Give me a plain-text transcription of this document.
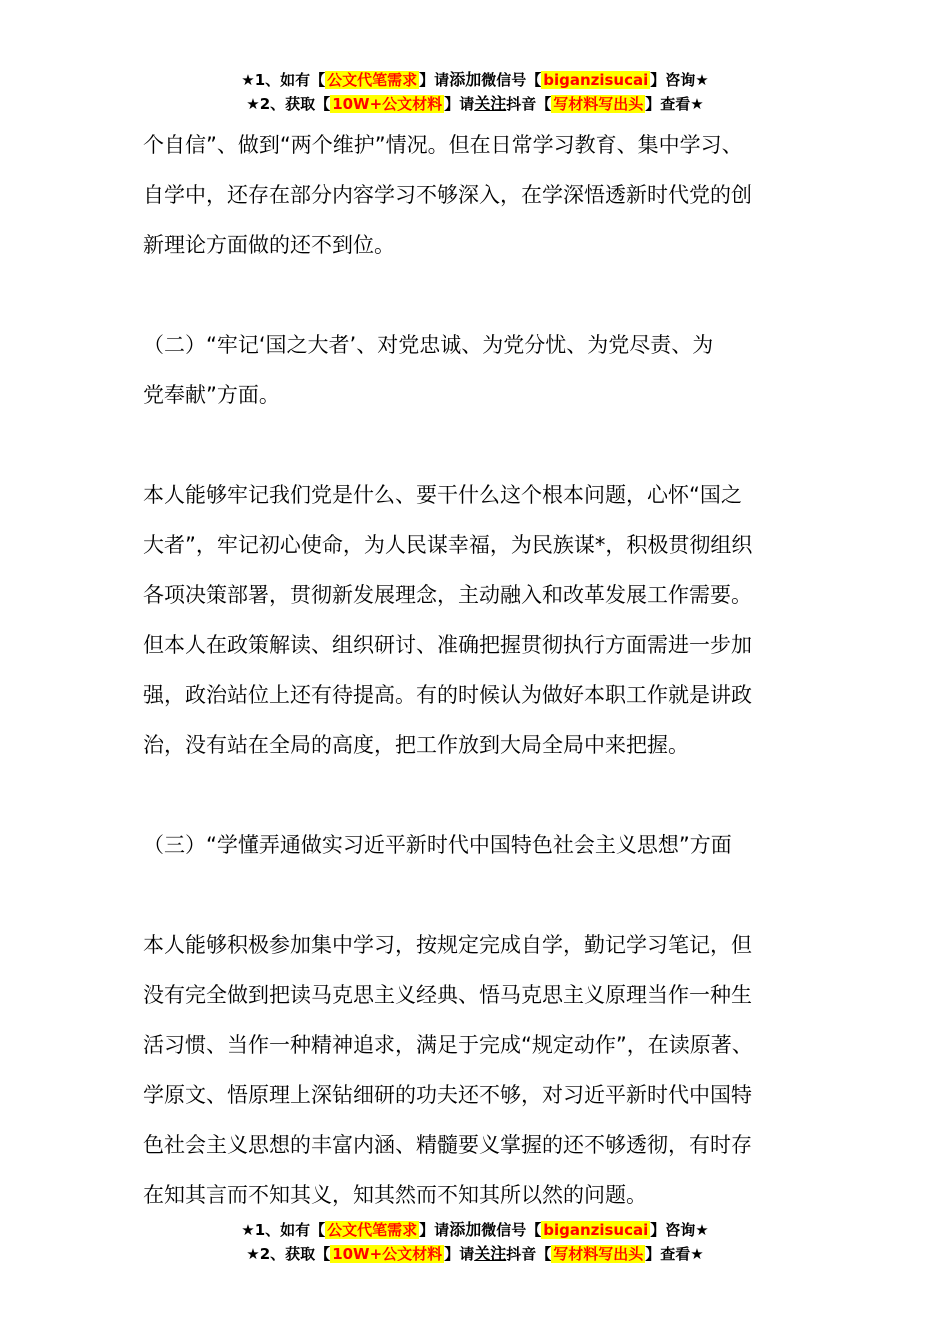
★1、如有【 公文代笔需求 】请添加微信号【 biganzisucai 】咨询★
★2、获取【 10W+公文材料 】请关注抖音【 写材料写出头 】查看★

个自信”、做到“两个维护”情况。但在日常学习教育、集中学习、
自学中，还存在部分内容学习不够深入，在学深悟透新时代党的创
新理论方面做的还不到位。

（二）“牢记‘国之大者’、对党忠诚、为党分忧、为党尽责、为
党奉献”方面。

本人能够牢记我们党是什么、要干什么这个根本问题，心怀“国之
大者”，牢记初心使命，为人民谋幸福，为民族谋*，积极贯彻组织
各项决策部署，贯彻新发展理念，主动融入和改革发展工作需要。
但本人在政策解读、组织研讨、准确把握贯彻执行方面需进一步加
强，政治站位上还有待提高。有的时候认为做好本职工作就是讲政
治，没有站在全局的高度，把工作放到大局全局中来把握。

（三）“学懂弄通做实习近平新时代中国特色社会主义思想”方面

本人能够积极参加集中学习，按规定完成自学，勤记学习笔记，但
没有完全做到把读马克思主义经典、悟马克思主义原理当作一种生
活习惯、当作一种精神追求，满足于完成“规定动作”，在读原著、
学原文、悟原理上深钻细研的功夫还不够，对习近平新时代中国特
色社会主义思想的丰富内涵、精髓要义掌握的还不够透彻，有时存
在知其言而不知其义，知其然而不知其所以然的问题。

★1、如有【 公文代笔需求 】请添加微信号【 biganzisucai 】咨询★
★2、获取【 10W+公文材料 】请关注抖音【 写材料写出头 】查看★
